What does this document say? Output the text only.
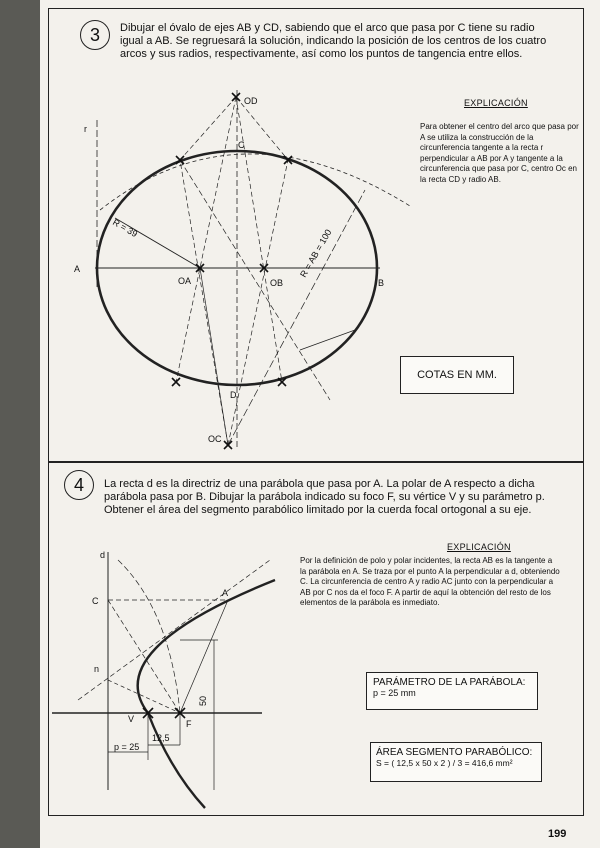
3	Dibujar el óvalo de ejes AB y CD, sabiendo que el arco que pasa por C tiene su radio igual a AB. Se regruesará la solución, indicando la posición de los centros de los cuatro arcos y sus radios, respectivamente, así como los puntos de tangencia entre ellos.
EXPLICACIÓN
Para obtener el centro del arco que pasa por A se utiliza la construcción de la circunferencia tangente a la recta r perpendicular a AB por A y tangente a la circunferencia que pasa por C, centro Oc en la recta CD y radio AB.
COTAS EN MM.
A
B
C
D
OA	OB
OC
OD
r
R = 39	R = AB = 100
d
A
C
V	F
n
50
12,5
p = 25
4	La recta d es la directriz de una parábola que pasa por A. La polar de A respecto a dicha parábola pasa por B. Dibujar la parábola indicado su foco F, su vértice V y su parámetro p. Obtener el área del segmento parabólico limitado por la cuerda focal ortogonal a su eje.
EXPLICACIÓN
Por la definición de polo y polar incidentes, la recta AB es la tangente a la parábola en A. Se traza por el punto A la perpendicular a d, obteniendo C. La circunferencia de centro A y radio AC junto con la perpendicular a AB por C nos da el foco F. A partir de aquí la obtención del resto de los elementos de la parábola es inmediato.
PARÁMETRO DE LA PARÁBOLA:
p = 25 mm
ÁREA SEGMENTO PARABÓLICO:
S = ( 12,5 x 50 x 2 ) / 3 = 416,6 mm²
199
